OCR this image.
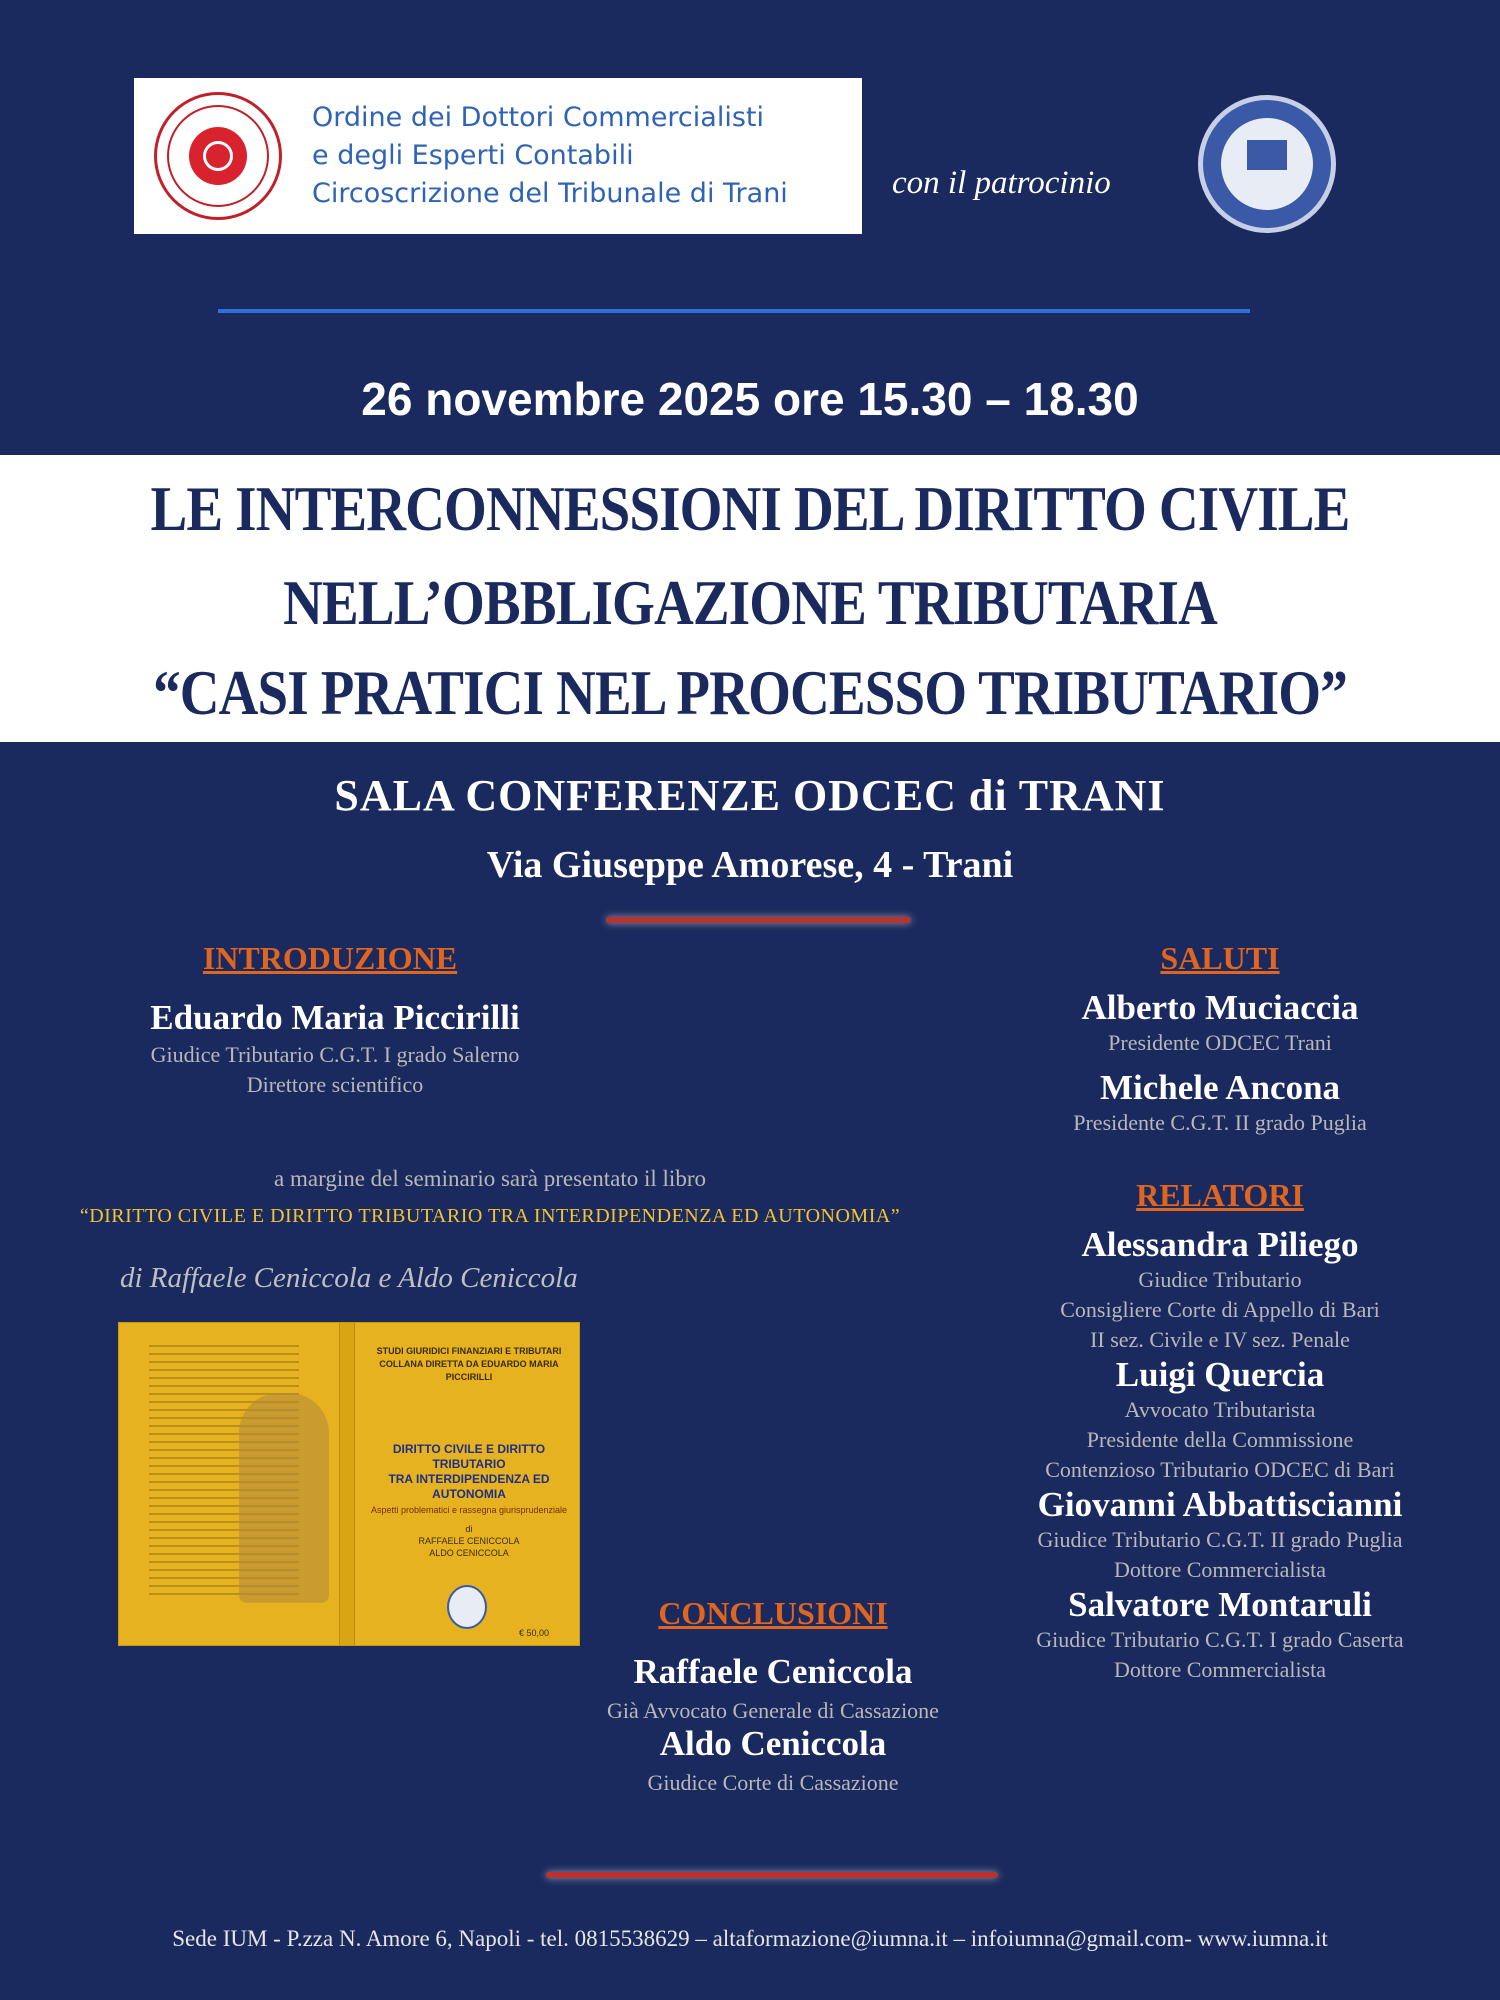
Ordine dei Dottori Commercialisti
e degli Esperti Contabili
Circoscrizione del Tribunale di Trani	con il patrocinio
26 novembre 2025 ore 15.30 – 18.30
LE INTERCONNESSIONI DEL DIRITTO CIVILE
NELL’OBBLIGAZIONE TRIBUTARIA
“CASI PRATICI NEL PROCESSO TRIBUTARIO”
SALA CONFERENZE ODCEC di TRANI
Via Giuseppe Amorese, 4 - Trani
INTRODUZIONE
Eduardo Maria Piccirilli
Giudice Tributario C.G.T. I grado Salerno
Direttore scientifico
a margine del seminario sarà presentato il libro
“DIRITTO CIVILE E DIRITTO TRIBUTARIO TRA INTERDIPENDENZA ED AUTONOMIA”
di Raffaele Ceniccola e Aldo Ceniccola
STUDI GIURIDICI FINANZIARI E TRIBUTARI
COLLANA DIRETTA DA EDUARDO MARIA PICCIRILLI
DIRITTO CIVILE E DIRITTO TRIBUTARIO
TRA INTERDIPENDENZA ED AUTONOMIA
Aspetti problematici e rassegna giurisprudenziale
di
RAFFAELE CENICCOLA
ALDO CENICCOLA
€ 50,00
CONCLUSIONI
Raffaele Ceniccola
Già Avvocato Generale di Cassazione
Aldo Ceniccola
Giudice Corte di Cassazione
SALUTI
Alberto Muciaccia
Presidente ODCEC Trani
Michele Ancona
Presidente C.G.T. II grado Puglia
RELATORI
Alessandra Piliego
Giudice Tributario
Consigliere Corte di Appello di Bari
II sez. Civile e IV sez. Penale
Luigi Quercia
Avvocato Tributarista
Presidente della Commissione
Contenzioso Tributario ODCEC di Bari
Giovanni Abbattiscianni
Giudice Tributario C.G.T. II grado Puglia
Dottore Commercialista
Salvatore Montaruli
Giudice Tributario C.G.T. I grado Caserta
Dottore Commercialista
Sede IUM - P.zza N. Amore 6, Napoli - tel. 0815538629 – altaformazione@iumna.it – infoiumna@gmail.com- www.iumna.it
